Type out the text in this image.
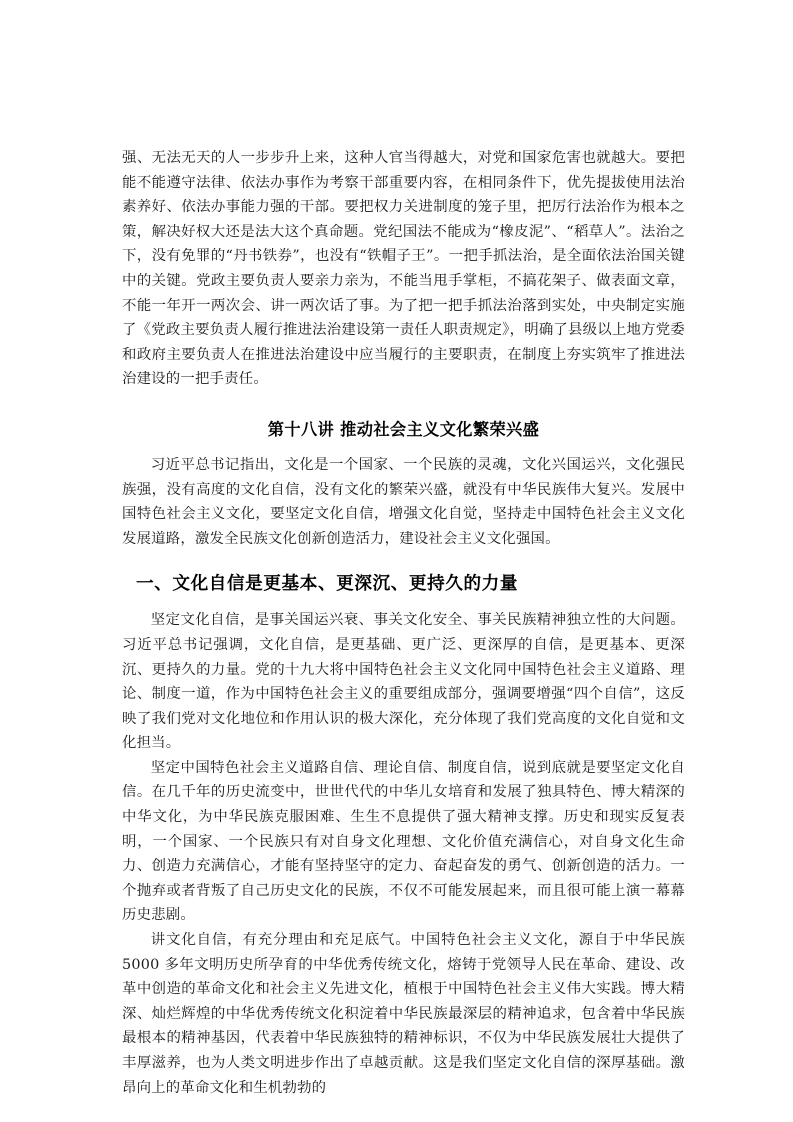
强、无法无天的人一步步升上来，这种人官当得越大，对党和国家危害也就越大。要把能不能遵守法律、依法办事作为考察干部重要内容，在相同条件下，优先提拔使用法治素养好、依法办事能力强的干部。要把权力关进制度的笼子里，把厉行法治作为根本之策，解决好权大还是法大这个真命题。党纪国法不能成为“橡皮泥”、“稻草人”。法治之下，没有免罪的“丹书铁券”，也没有“铁帽子王”。一把手抓法治，是全面依法治国关键中的关键。党政主要负责人要亲力亲为，不能当甩手掌柜，不搞花架子、做表面文章，不能一年开一两次会、讲一两次话了事。为了把一把手抓法治落到实处，中央制定实施了《党政主要负责人履行推进法治建设第一责任人职责规定》，明确了县级以上地方党委和政府主要负责人在推进法治建设中应当履行的主要职责，在制度上夯实筑牢了推进法治建设的一把手责任。

第十八讲 推动社会主义文化繁荣兴盛

习近平总书记指出，文化是一个国家、一个民族的灵魂，文化兴国运兴，文化强民族强，没有高度的文化自信，没有文化的繁荣兴盛，就没有中华民族伟大复兴。发展中国特色社会主义文化，要坚定文化自信，增强文化自觉，坚持走中国特色社会主义文化发展道路，激发全民族文化创新创造活力，建设社会主义文化强国。

一、文化自信是更基本、更深沉、更持久的力量

坚定文化自信，是事关国运兴衰、事关文化安全、事关民族精神独立性的大问题。习近平总书记强调，文化自信，是更基础、更广泛、更深厚的自信，是更基本、更深沉、更持久的力量。党的十九大将中国特色社会主义文化同中国特色社会主义道路、理论、制度一道，作为中国特色社会主义的重要组成部分，强调要增强“四个自信”，这反映了我们党对文化地位和作用认识的极大深化，充分体现了我们党高度的文化自觉和文化担当。

坚定中国特色社会主义道路自信、理论自信、制度自信，说到底就是要坚定文化自信。在几千年的历史流变中，世世代代的中华儿女培育和发展了独具特色、博大精深的中华文化，为中华民族克服困难、生生不息提供了强大精神支撑。历史和现实反复表明，一个国家、一个民族只有对自身文化理想、文化价值充满信心，对自身文化生命力、创造力充满信心，才能有坚持坚守的定力、奋起奋发的勇气、创新创造的活力。一个抛弃或者背叛了自己历史文化的民族，不仅不可能发展起来，而且很可能上演一幕幕历史悲剧。

讲文化自信，有充分理由和充足底气。中国特色社会主义文化，源自于中华民族 5000 多年文明历史所孕育的中华优秀传统文化，熔铸于党领导人民在革命、建设、改革中创造的革命文化和社会主义先进文化，植根于中国特色社会主义伟大实践。博大精深、灿烂辉煌的中华优秀传统文化积淀着中华民族最深层的精神追求，包含着中华民族最根本的精神基因，代表着中华民族独特的精神标识，不仅为中华民族发展壮大提供了丰厚滋养，也为人类文明进步作出了卓越贡献。这是我们坚定文化自信的深厚基础。激昂向上的革命文化和生机勃勃的
